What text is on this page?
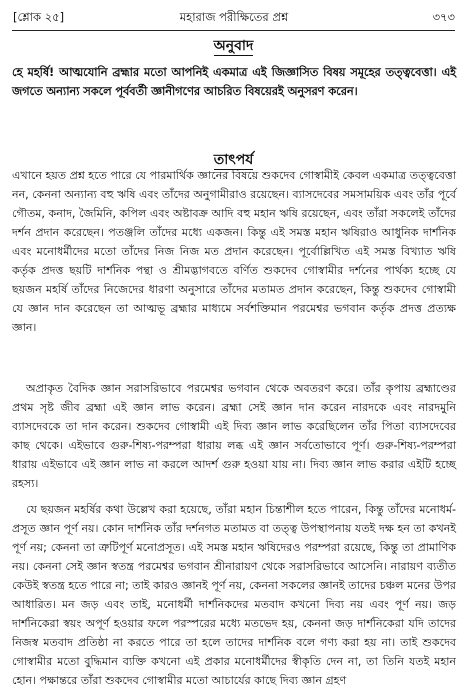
[শ্লোক ২৫]	মহারাজ পরীক্ষিতের প্রশ্ন	৩৭৩
অনুবাদ
হে মহর্ষি! আত্মযোনি ব্রহ্মার মতো আপনিই একমাত্র এই জিজ্ঞাসিত বিষয় সমূহের তত্ত্ববেত্তা। এই জগতে অন্যান্য সকলে পূর্ববর্তী জ্ঞানীগণের আচরিত বিষয়েরই অনুসরণ করেন।
তাৎপর্য
এখানে হয়ত প্রশ্ন হতে পারে যে পারমার্থিক জ্ঞানের বিষয়ে শুকদেব গোস্বামীই কেবল একমাত্র তত্ত্ববেত্তা নন, কেননা অন্যান্য বহু ঋষি এবং তাঁদের অনুগামীরাও রয়েছেন। ব্যাসদেবের সমসাময়িক এবং তাঁর পূর্বে গৌতম, কনাদ, জৈমিনি, কপিল এবং অষ্টাবক্র আদি বহু মহান ঋষি রয়েছেন, এবং তাঁরা সকলেই তাঁদের দর্শন প্রদান করেছেন। পতঞ্জলি তাঁদের মধ্যে একজন। কিন্তু এই সমস্ত মহান ঋষিরাও আধুনিক দার্শনিক এবং মনোধর্মীদের মতো তাঁদের নিজ নিজ মত প্রদান করেছেন। পূর্বোল্লিখিত এই সমস্ত বিখ্যাত ঋষি কর্তৃক প্রদত্ত ছয়টি দার্শনিক পন্থা ও শ্রীমদ্ভাগবতে বর্ণিত শুকদেব গোস্বামীর দর্শনের পার্থক্য হচ্ছে যে ছয়জন মহর্ষি তাঁদের নিজেদের ধারণা অনুসারে তাঁদের মতামত প্রদান করেছেন, কিন্তু শুকদেব গোস্বামী যে জ্ঞান দান করেছেন তা আত্মভূ ব্রহ্মার মাধ্যমে সর্বশক্তিমান পরমেশ্বর ভগবান কর্তৃক প্রদত্ত প্রত্যক্ষ জ্ঞান।
অপ্রাকৃত বৈদিক জ্ঞান সরাসরিভাবে পরমেশ্বর ভগবান থেকে অবতরণ করে। তাঁর কৃপায় ব্রহ্মাণ্ডের প্রথম সৃষ্ট জীব ব্রহ্মা এই জ্ঞান লাভ করেন। ব্রহ্মা সেই জ্ঞান দান করেন নারদকে এবং নারদমুনি ব্যাসদেবকে তা দান করেন। শুকদেব গোস্বামী এই দিব্য জ্ঞান লাভ করেছিলেন তাঁর পিতা ব্যাসদেবের কাছ থেকে। এইভাবে গুরু-শিষ্য-পরম্পরা ধারায় লব্ধ এই জ্ঞান সর্বতোভাবে পূর্ণ। গুরু-শিষ্য-পরম্পরা ধারায় এইভাবে এই জ্ঞান লাভ না করলে আদর্শ গুরু হওয়া যায় না। দিব্য জ্ঞান লাভ করার এইটি হচ্ছে রহস্য।
যে ছয়জন মহর্ষির কথা উল্লেখ করা হয়েছে, তাঁরা মহান চিন্তাশীল হতে পারেন, কিন্তু তাঁদের মনোধর্ম-প্রসূত জ্ঞান পূর্ণ নয়। কোন দার্শনিক তাঁর দর্শনগত মতামত বা তত্ত্ব উপস্থাপনায় যতই দক্ষ হন তা কখনই পূর্ণ নয়; কেননা তা ত্রুটিপূর্ণ মনোপ্রসূত। এই সমস্ত মহান ঋষিদেরও পরম্পরা রয়েছে, কিন্তু তা প্রামাণিক নয়। কেননা সেই জ্ঞান স্বতন্ত্র পরমেশ্বর ভগবান শ্রীনারায়ণ থেকে সরাসরিভাবে আসেনি। নারায়ণ ব্যতীত কেউই স্বতন্ত্র হতে পারে না; তাই কারও জ্ঞানই পূর্ণ নয়, কেননা সকলের জ্ঞানই তাদের চঞ্চল মনের উপর আধারিত। মন জড় এবং তাই, মনোধর্মী দার্শনিকদের মতবাদ কখনো দিব্য নয় এবং পূর্ণ নয়। জড় দার্শনিকেরা স্বয়ং অপূর্ণ হওয়ার ফলে পরস্পরের মধ্যে মতভেদ হয়, কেননা জড় দার্শনিকেরা যদি তাদের নিজস্ব মতবাদ প্রতিষ্ঠা না করতে পারে তা হলে তাদের দার্শনিক বলে গণ্য করা হয় না। তাই শুকদেব গোস্বামীর মতো বুদ্ধিমান ব্যক্তি কখনো এই প্রকার মনোধর্মীদের স্বীকৃতি দেন না, তা তিনি যতই মহান হোন। পক্ষান্তরে তাঁরা শুকদেব গোস্বামীর মতো আচার্যের কাছে দিব্য জ্ঞান গ্রহণ
